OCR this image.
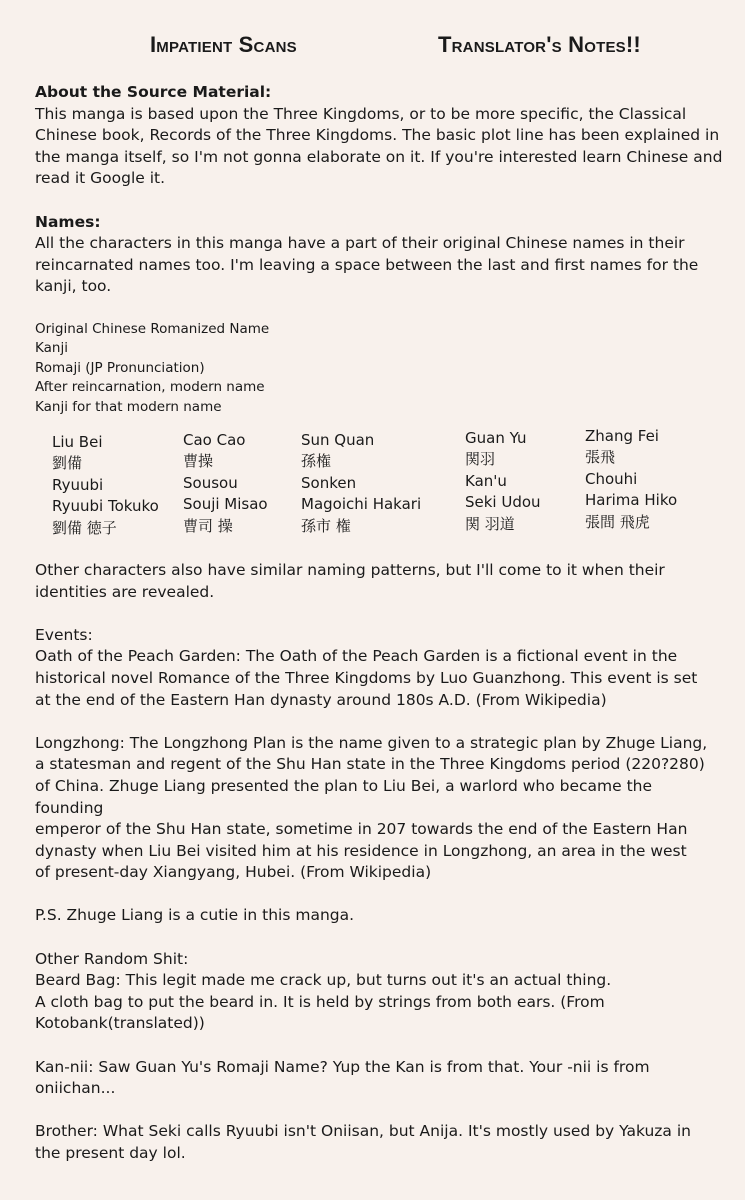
Impatient Scans	Translator's Notes!!

About the Source Material:

This manga is based upon the Three Kingdoms, or to be more specific, the Classical

Chinese book, Records of the Three Kingdoms. The basic plot line has been explained in

the manga itself, so I'm not gonna elaborate on it. If you're interested learn Chinese and

read it Google it.

Names:

All the characters in this manga have a part of their original Chinese names in their

reincarnated names too. I'm leaving a space between the last and first names for the

kanji, too.

Original Chinese Romanized Name

Kanji

Romaji (JP Pronunciation)

After reincarnation, modern name

Kanji for that modern name

Liu Bei
劉備
Ryuubi
Ryuubi Tokuko
劉備 徳子
Cao Cao
曹操
Sousou
Souji Misao
曹司 操
Sun Quan
孫権
Sonken
Magoichi Hakari
孫市 権
Guan Yu
関羽
Kan'u
Seki Udou
関 羽道
Zhang Fei
張飛
Chouhi
Harima Hiko
張間 飛虎

Other characters also have similar naming patterns, but I'll come to it when their

identities are revealed.

Events:

Oath of the Peach Garden: The Oath of the Peach Garden is a fictional event in the

historical novel Romance of the Three Kingdoms by Luo Guanzhong. This event is set

at the end of the Eastern Han dynasty around 180s A.D. (From Wikipedia)

Longzhong: The Longzhong Plan is the name given to a strategic plan by Zhuge Liang,

a statesman and regent of the Shu Han state in the Three Kingdoms period (220?280)

of China. Zhuge Liang presented the plan to Liu Bei, a warlord who became the founding

emperor of the Shu Han state, sometime in 207 towards the end of the Eastern Han

dynasty when Liu Bei visited him at his residence in Longzhong, an area in the west

of present-day Xiangyang, Hubei. (From Wikipedia)

P.S. Zhuge Liang is a cutie in this manga.

Other Random Shit:

Beard Bag: This legit made me crack up, but turns out it's an actual thing.

A cloth bag to put the beard in. It is held by strings from both ears. (From

Kotobank(translated))

Kan-nii: Saw Guan Yu's Romaji Name? Yup the Kan is from that. Your -nii is from

oniichan...

Brother: What Seki calls Ryuubi isn't Oniisan, but Anija. It's mostly used by Yakuza in

the present day lol.
